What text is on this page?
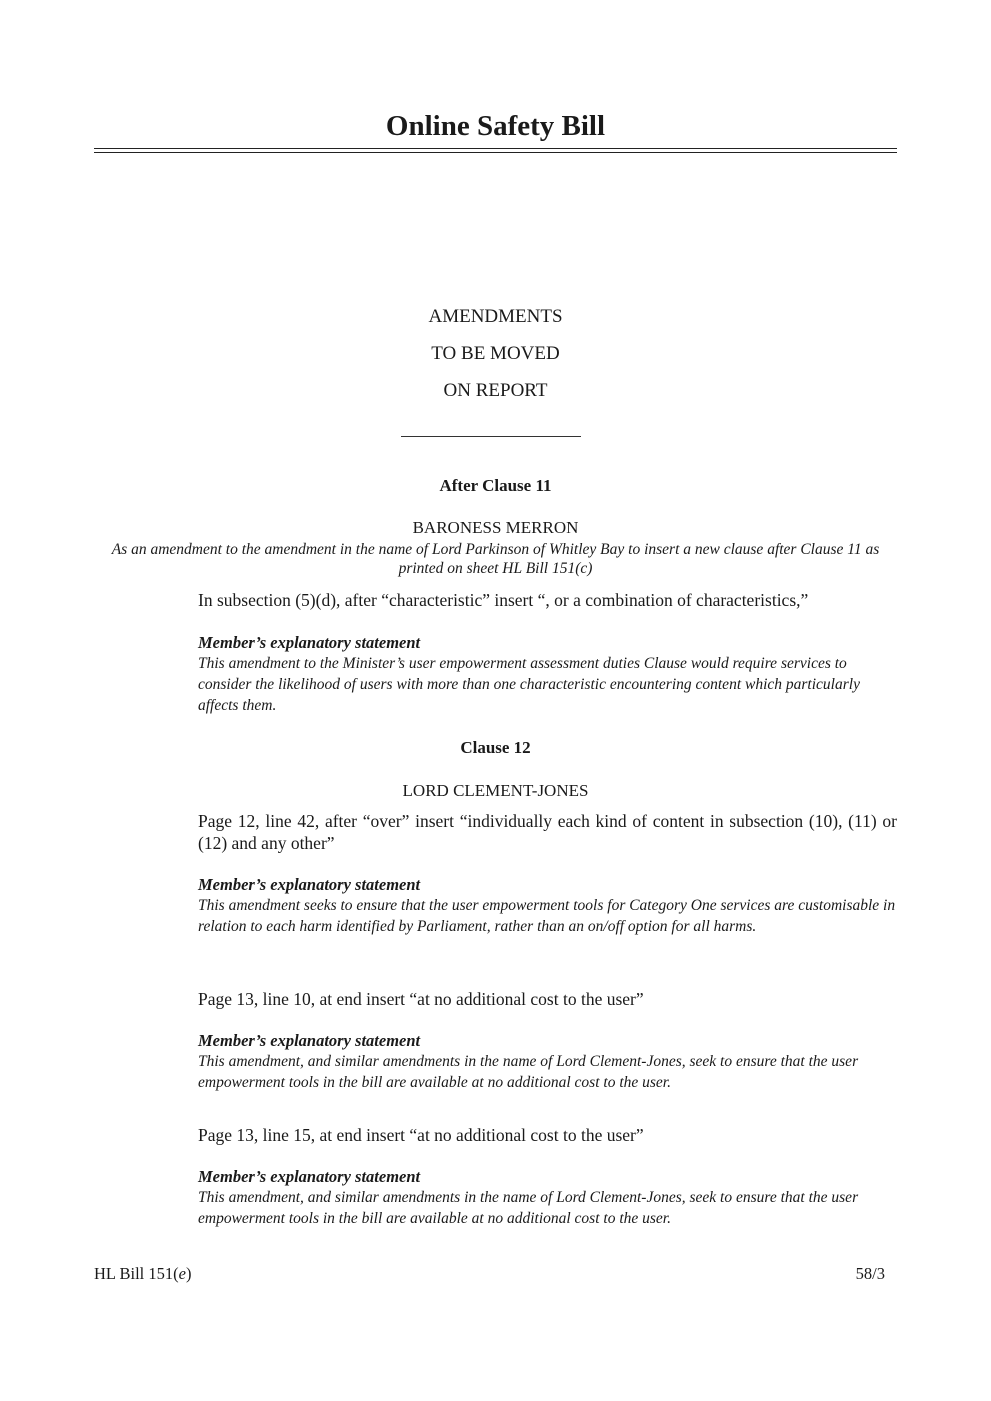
Online Safety Bill
AMENDMENTS
TO BE MOVED
ON REPORT
After Clause 11
BARONESS MERRON
As an amendment to the amendment in the name of Lord Parkinson of Whitley Bay to insert a new clause after Clause 11 as printed on sheet HL Bill 151(c)
In subsection (5)(d), after “characteristic” insert “, or a combination of characteristics,”
Member’s explanatory statement
This amendment to the Minister’s user empowerment assessment duties Clause would require services to consider the likelihood of users with more than one characteristic encountering content which particularly affects them.
Clause 12
LORD CLEMENT-JONES
Page 12, line 42, after “over” insert “individually each kind of content in subsection (10), (11) or (12) and any other”
Member’s explanatory statement
This amendment seeks to ensure that the user empowerment tools for Category One services are customisable in relation to each harm identified by Parliament, rather than an on/off option for all harms.
Page 13, line 10, at end insert “at no additional cost to the user”
Member’s explanatory statement
This amendment, and similar amendments in the name of Lord Clement-Jones, seek to ensure that the user empowerment tools in the bill are available at no additional cost to the user.
Page 13, line 15, at end insert “at no additional cost to the user”
Member’s explanatory statement
This amendment, and similar amendments in the name of Lord Clement-Jones, seek to ensure that the user empowerment tools in the bill are available at no additional cost to the user.
HL Bill 151(e)	58/3
